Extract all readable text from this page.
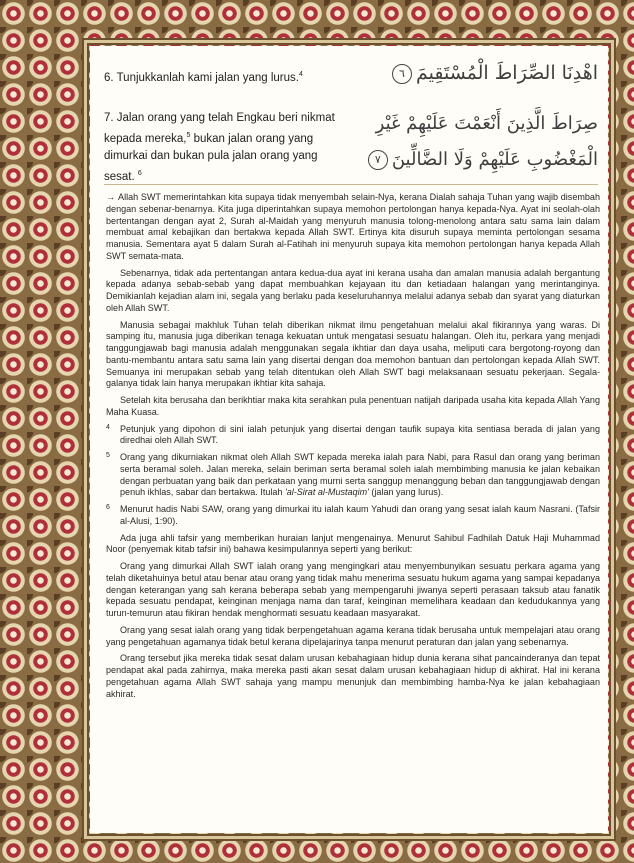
6. Tunjukkanlah kami jalan yang lurus.$^4$	اهْدِنَا الصِّرَاطَ الْمُسْتَقِيمَ٦
7. Jalan orang yang telah Engkau beri nikmat kepada mereka,$^5$ bukan jalan orang yang dimurkai dan bukan pula jalan orang yang sesat. $^6$
صِرَاطَ الَّذِينَ أَنْعَمْتَ عَلَيْهِمْ غَيْرِ
الْمَغْضُوبِ عَلَيْهِمْ وَلَا الضَّالِّينَ٧

→ Allah SWT memerintahkan kita supaya tidak menyembah selain-Nya, kerana Dialah sahaja Tuhan yang wajib disembah dengan sebenar-benarnya. Kita juga diperintahkan supaya memohon pertolongan hanya kepada-Nya. Ayat ini seolah-olah bertentangan dengan ayat 2, Surah al-Maidah yang menyuruh manusia tolong-menolong antara satu sama lain dalam membuat amal kebajikan dan bertakwa kepada Allah SWT. Ertinya kita disuruh supaya meminta pertolongan sesama manusia. Sementara ayat 5 dalam Surah al-Fatihah ini menyuruh supaya kita memohon pertolongan hanya kepada Allah SWT semata-mata.

Sebenarnya, tidak ada pertentangan antara kedua-dua ayat ini kerana usaha dan amalan manusia adalah bergantung kepada adanya sebab-sebab yang dapat membuahkan kejayaan itu dan ketiadaan halangan yang merintanginya. Demikianlah kejadian alam ini, segala yang berlaku pada keseluruhannya melalui adanya sebab dan syarat yang diaturkan oleh Allah SWT.

Manusia sebagai makhluk Tuhan telah diberikan nikmat ilmu pengetahuan melalui akal fikirannya yang waras. Di samping itu, manusia juga diberikan tenaga kekuatan untuk mengatasi sesuatu halangan. Oleh itu, perkara yang menjadi tanggungjawab bagi manusia adalah menggunakan segala ikhtiar dan daya usaha, meliputi cara bergotong-royong dan bantu-membantu antara satu sama lain yang disertai dengan doa memohon bantuan dan pertolongan kepada Allah SWT. Semuanya ini merupakan sebab yang telah ditentukan oleh Allah SWT bagi melaksanaan sesuatu pekerjaan. Segala-galanya tidak lain hanya merupakan ikhtiar kita sahaja.

Setelah kita berusaha dan berikhtiar maka kita serahkan pula penentuan natijah daripada usaha kita kepada Allah Yang Maha Kuasa.

4 Petunjuk yang dipohon di sini ialah petunjuk yang disertai dengan taufik supaya kita sentiasa berada di jalan yang diredhai oleh Allah SWT.
5 Orang yang dikurniakan nikmat oleh Allah SWT kepada mereka ialah para Nabi, para Rasul dan orang yang beriman serta beramal soleh. Jalan mereka, selain beriman serta beramal soleh ialah membimbing manusia ke jalan kebaikan dengan perbuatan yang baik dan perkataan yang murni serta sanggup menanggung beban dan tanggungjawab dengan penuh ikhlas, sabar dan bertakwa. Itulah 'al-Sirat al-Mustaqim' (jalan yang lurus).
6 Menurut hadis Nabi SAW, orang yang dimurkai itu ialah kaum Yahudi dan orang yang sesat ialah kaum Nasrani. (Tafsir al-Alusi, 1:90).

Ada juga ahli tafsir yang memberikan huraian lanjut mengenainya. Menurut Sahibul Fadhilah Datuk Haji Muhammad Noor (penyemak kitab tafsir ini) bahawa kesimpulannya seperti yang berikut:

Orang yang dimurkai Allah SWT ialah orang yang mengingkari atau menyembunyikan sesuatu perkara agama yang telah diketahuinya betul atau benar atau orang yang tidak mahu menerima sesuatu hukum agama yang sampai kepadanya dengan keterangan yang sah kerana beberapa sebab yang mempengaruhi jiwanya seperti perasaan taksub atau fanatik kepada sesuatu pendapat, keinginan menjaga nama dan taraf, keinginan memelihara keadaan dan kedudukannya yang turun-temurun atau fikiran hendak menghormati sesuatu keadaan masyarakat.

Orang yang sesat ialah orang yang tidak berpengetahuan agama kerana tidak berusaha untuk mempelajari atau orang yang pengetahuan agamanya tidak betul kerana dipelajarinya tanpa menurut peraturan dan jalan yang sebenarnya.

Orang tersebut jika mereka tidak sesat dalam urusan kebahagiaan hidup dunia kerana sihat pancainderanya dan tepat pendapat akal pada zahirnya, maka mereka pasti akan sesat dalam urusan kebahagiaan hidup di akhirat. Hal ini kerana pengetahuan agama Allah SWT sahaja yang mampu menunjuk dan membimbing hamba-Nya ke jalan kebahagiaan akhirat.
